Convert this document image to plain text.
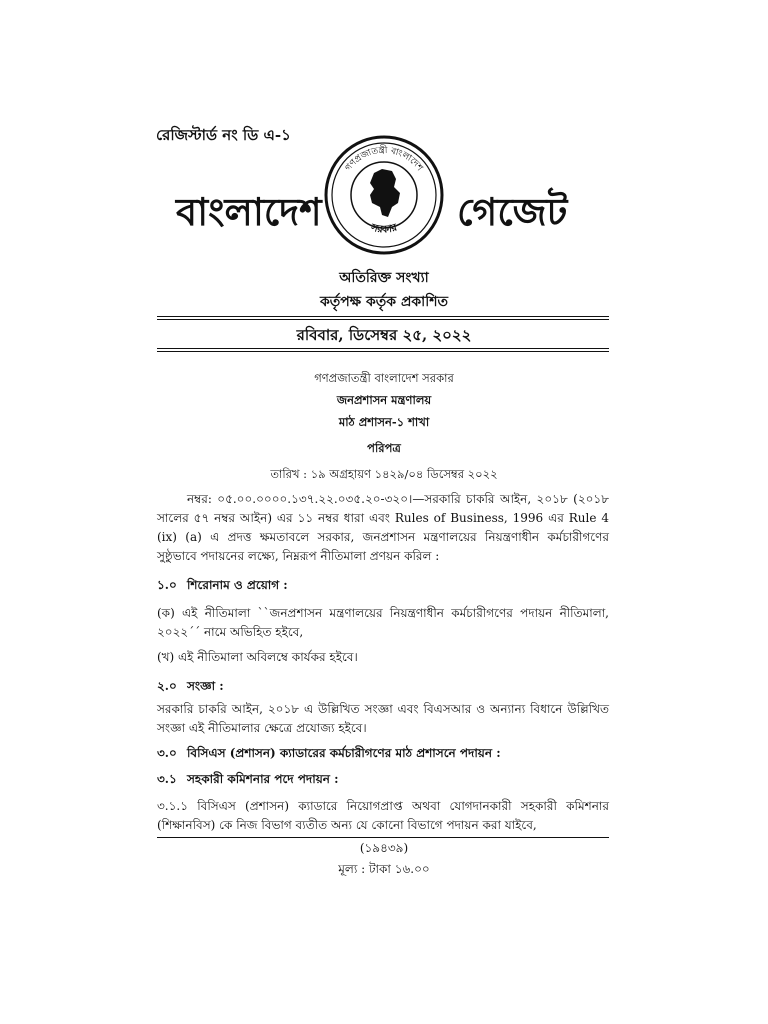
রেজিস্টার্ড নং ডি এ-১
বাংলাদেশ
গণপ্রজাতন্ত্রী বাংলাদেশ
সরকার গেজেট
অতিরিক্ত সংখ্যা
কর্তৃপক্ষ কর্তৃক প্রকাশিত
রবিবার, ডিসেম্বর ২৫, ২০২২
গণপ্রজাতন্ত্রী বাংলাদেশ সরকার
জনপ্রশাসন মন্ত্রণালয়
মাঠ প্রশাসন-১ শাখা
পরিপত্র
তারিখ : ১৯ অগ্রহায়ণ ১৪২৯/০৪ ডিসেম্বর ২০২২
নম্বর: ০৫.০০.০০০০.১৩৭.২২.০৩৫.২০-৩২০।—সরকারি চাকরি আইন, ২০১৮ (২০১৮ সালের ৫৭ নম্বর আইন) এর ১১ নম্বর ধারা এবং Rules of Business, 1996 এর Rule 4 (ix) (a) এ প্রদত্ত ক্ষমতাবলে সরকার, জনপ্রশাসন মন্ত্রণালয়ের নিয়ন্ত্রণাধীন কর্মচারীগণের সুষ্ঠুভাবে পদায়নের লক্ষ্যে, নিম্নরূপ নীতিমালা প্রণয়ন করিল :
১.০ শিরোনাম ও প্রয়োগ :
(ক) এই নীতিমালা ``জনপ্রশাসন মন্ত্রণালয়ের নিয়ন্ত্রণাধীন কর্মচারীগণের পদায়ন নীতিমালা, ২০২২´´ নামে অভিহিত হইবে,
(খ) এই নীতিমালা অবিলম্বে কার্যকর হইবে।
২.০ সংজ্ঞা :
সরকারি চাকরি আইন, ২০১৮ এ উল্লিখিত সংজ্ঞা এবং বিএসআর ও অন্যান্য বিধানে উল্লিখিত সংজ্ঞা এই নীতিমালার ক্ষেত্রে প্রযোজ্য হইবে।
৩.০ বিসিএস (প্রশাসন) ক্যাডারের কর্মচারীগণের মাঠ প্রশাসনে পদায়ন :
৩.১ সহকারী কমিশনার পদে পদায়ন :
৩.১.১ বিসিএস (প্রশাসন) ক্যাডারে নিয়োগপ্রাপ্ত অথবা যোগদানকারী সহকারী কমিশনার (শিক্ষানবিস) কে নিজ বিভাগ ব্যতীত অন্য যে কোনো বিভাগে পদায়ন করা যাইবে,
(১৯৪৩৯)
মূল্য : টাকা ১৬.০০
